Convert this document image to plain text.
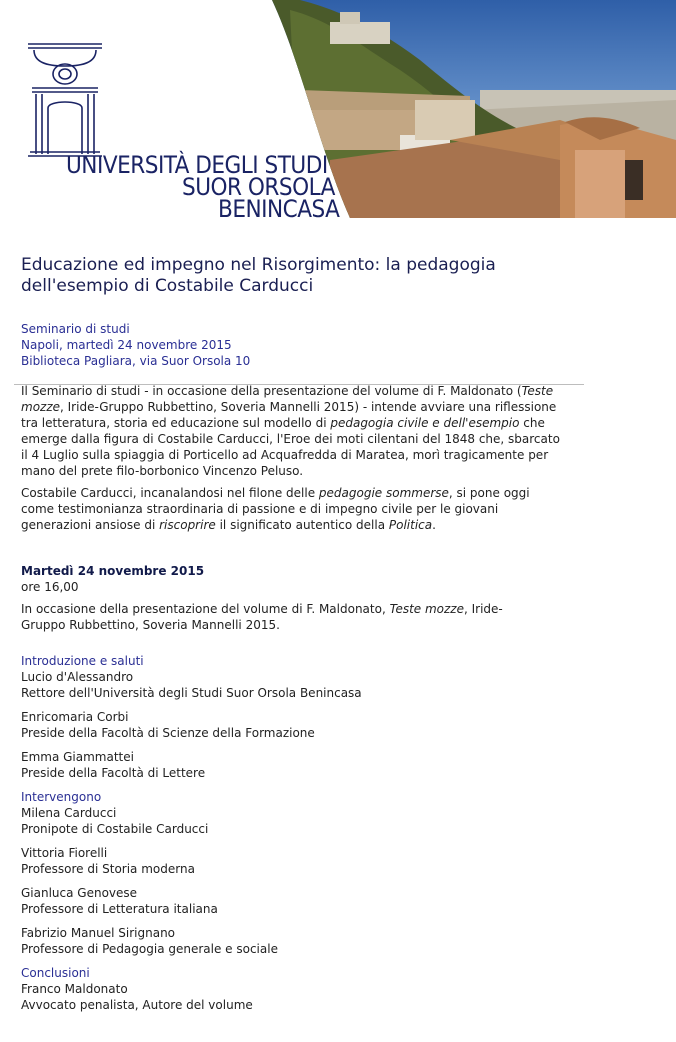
UNIVERSITÀ DEGLI STUDI
SUOR ORSOLA
BENINCASA
Educazione ed impegno nel Risorgimento: la pedagogia dell'esempio di Costabile Carducci
Seminario di studi
Napoli, martedì 24 novembre 2015
Biblioteca Pagliara, via Suor Orsola 10
Il Seminario di studi - in occasione della presentazione del volume di F. Maldonato (Teste mozze, Iride-Gruppo Rubbettino, Soveria Mannelli 2015) - intende avviare una riflessione tra letteratura, storia ed educazione sul modello di pedagogia civile e dell'esempio che emerge dalla figura di Costabile Carducci, l'Eroe dei moti cilentani del 1848 che, sbarcato il 4 Luglio sulla spiaggia di Porticello ad Acquafredda di Maratea, morì tragicamente per mano del prete filo-borbonico Vincenzo Peluso.
Costabile Carducci, incanalandosi nel filone delle pedagogie sommerse, si pone oggi come testimonianza straordinaria di passione e di impegno civile per le giovani generazioni ansiose di riscoprire il significato autentico della Politica.
Martedì 24 novembre 2015
ore 16,00
In occasione della presentazione del volume di F. Maldonato, Teste mozze, Iride-Gruppo Rubbettino, Soveria Mannelli 2015.
Introduzione e saluti
Lucio d'Alessandro
Rettore dell'Università degli Studi Suor Orsola Benincasa
Enricomaria Corbi
Preside della Facoltà di Scienze della Formazione
Emma Giammattei
Preside della Facoltà di Lettere
Intervengono
Milena Carducci
Pronipote di Costabile Carducci
Vittoria Fiorelli
Professore di Storia moderna
Gianluca Genovese
Professore di Letteratura italiana
Fabrizio Manuel Sirignano
Professore di Pedagogia generale e sociale
Conclusioni
Franco Maldonato
Avvocato penalista, Autore del volume
